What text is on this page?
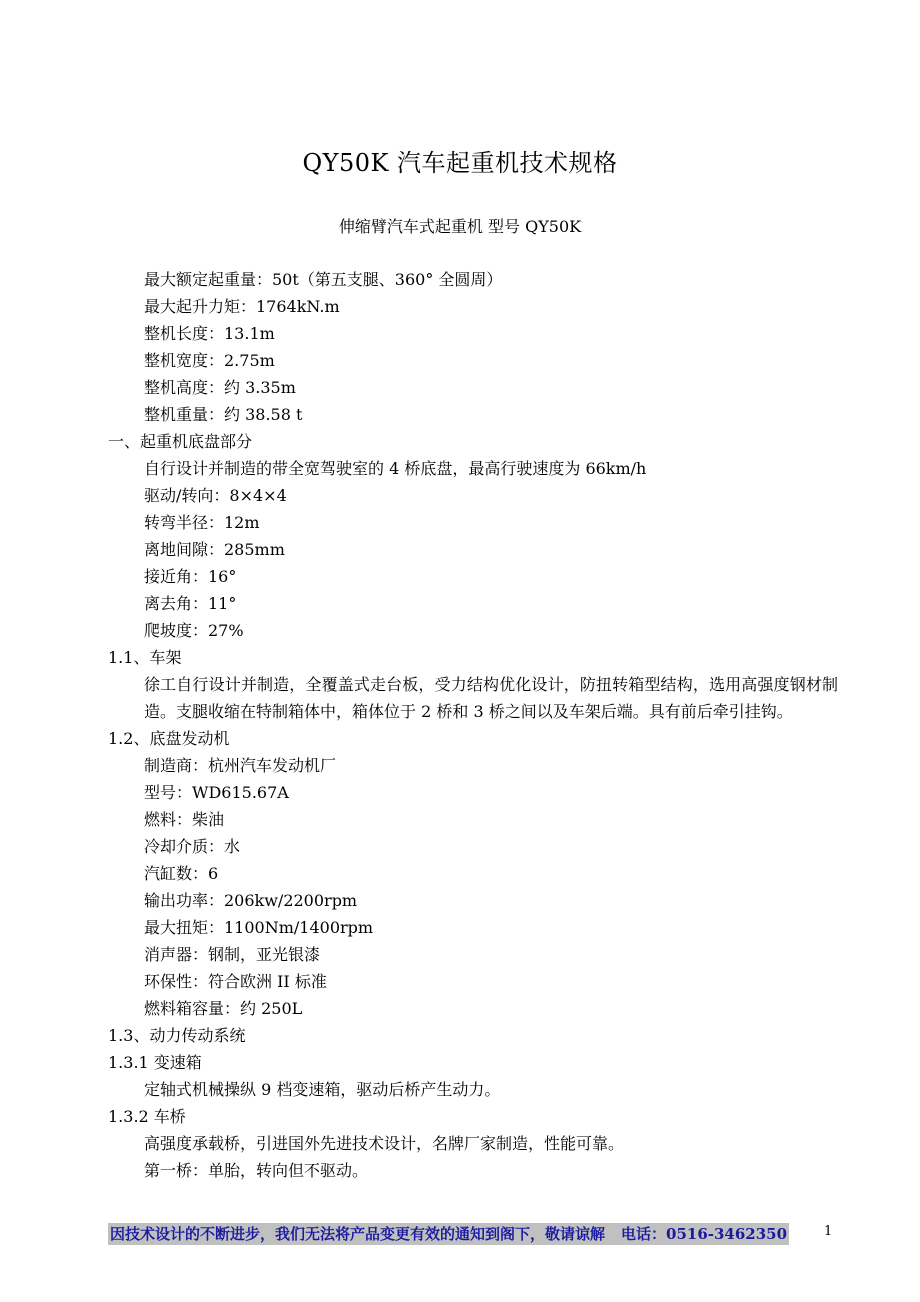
QY50K 汽车起重机技术规格

伸缩臂汽车式起重机 型号 QY50K

最大额定起重量：50t（第五支腿、360° 全圆周）
最大起升力矩：1764kN.m
整机长度：13.1m
整机宽度：2.75m
整机高度：约 3.35m
整机重量：约 38.58 t
一、起重机底盘部分
自行设计并制造的带全宽驾驶室的 4 桥底盘，最高行驶速度为 66km/h
驱动/转向：8×4×4
转弯半径：12m
离地间隙：285mm
接近角：16°
离去角：11°
爬坡度：27%
1.1、车架
徐工自行设计并制造，全覆盖式走台板，受力结构优化设计，防扭转箱型结构，选用高强度钢材制造。支腿收缩在特制箱体中，箱体位于 2 桥和 3 桥之间以及车架后端。具有前后牵引挂钩。
1.2、底盘发动机
制造商：杭州汽车发动机厂
型号：WD615.67A
燃料：柴油
冷却介质：水
汽缸数：6
输出功率：206kw/2200rpm
最大扭矩：1100Nm/1400rpm
消声器：钢制，亚光银漆
环保性：符合欧洲 II 标准
燃料箱容量：约 250L
1.3、动力传动系统
1.3.1 变速箱
定轴式机械操纵 9 档变速箱，驱动后桥产生动力。
1.3.2 车桥
高强度承载桥，引进国外先进技术设计，名牌厂家制造，性能可靠。
第一桥：单胎，转向但不驱动。
因技术设计的不断进步，我们无法将产品变更有效的通知到阁下，敬请谅解 电话：0516-3462350	1
